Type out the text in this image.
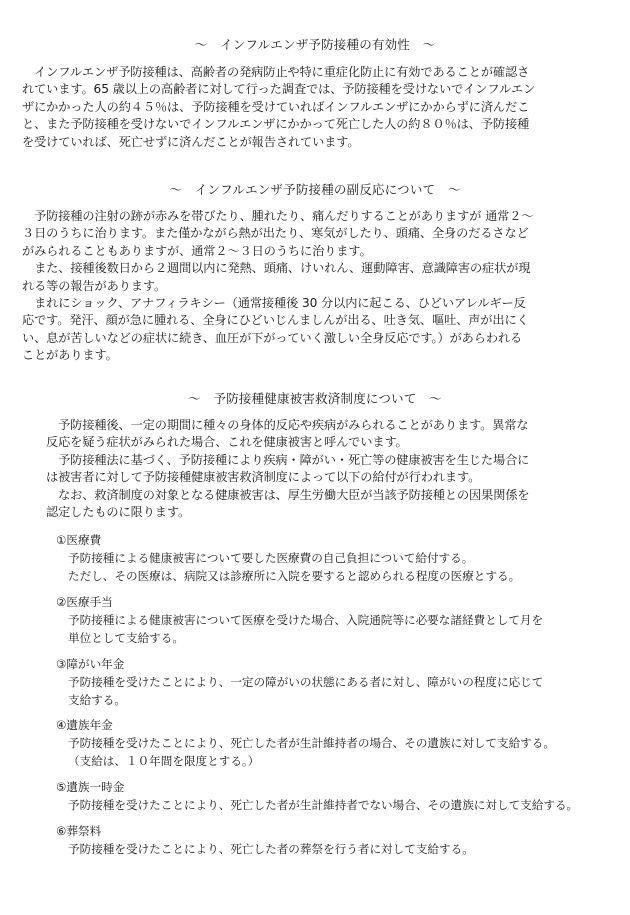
～　インフルエンザ予防接種の有効性　～
　インフルエンザ予防接種は、高齢者の発病防止や特に重症化防止に有効であることが確認さ
れています。65 歳以上の高齢者に対して行った調査では、予防接種を受けないでインフルエン
ザにかかった人の約４５％は、予防接種を受けていればインフルエンザにかからずに済んだこ
と、また予防接種を受けないでインフルエンザにかかって死亡した人の約８０％は、予防接種
を受けていれば、死亡せずに済んだことが報告されています。
～　インフルエンザ予防接種の副反応について　～
　予防接種の注射の跡が赤みを帯びたり、腫れたり、痛んだりすることがありますが 通常２～
３日のうちに治ります。また僅かながら熱が出たり、寒気がしたり、頭痛、全身のだるさなど
がみられることもありますが、通常２～３日のうちに治ります。
　また、接種後数日から２週間以内に発熱、頭痛、けいれん、運動障害、意識障害の症状が現
れる等の報告があります。
　まれにショック、アナフィラキシー（通常接種後 30 分以内に起こる、ひどいアレルギー反
応です。発汗、顔が急に腫れる、全身にひどいじんましんが出る、吐き気、嘔吐、声が出にく
い、息が苦しいなどの症状に続き、血圧が下がっていく激しい全身反応です。）があらわれる
ことがあります。
～　予防接種健康被害救済制度について　～
　予防接種後、一定の期間に種々の身体的反応や疾病がみられることがあります。異常な
反応を疑う症状がみられた場合、これを健康被害と呼んでいます。
　予防接種法に基づく、予防接種により疾病・障がい・死亡等の健康被害を生じた場合に
は被害者に対して予防接種健康被害救済制度によって以下の給付が行われます。
　なお、救済制度の対象となる健康被害は、厚生労働大臣が当該予防接種との因果関係を
認定したものに限ります。
①医療費
予防接種による健康被害について要した医療費の自己負担について給付する。
ただし、その医療は、病院又は診療所に入院を要すると認められる程度の医療とする。
②医療手当
予防接種による健康被害について医療を受けた場合、入院通院等に必要な諸経費として月を
単位として支給する。
③障がい年金
予防接種を受けたことにより、一定の障がいの状態にある者に対し、障がいの程度に応じて
支給する。
④遺族年金
予防接種を受けたことにより、死亡した者が生計維持者の場合、その遺族に対して支給する。
（支給は、１０年間を限度とする。）
⑤遺族一時金
予防接種を受けたことにより、死亡した者が生計維持者でない場合、その遺族に対して支給する。
⑥葬祭料
予防接種を受けたことにより、死亡した者の葬祭を行う者に対して支給する。
